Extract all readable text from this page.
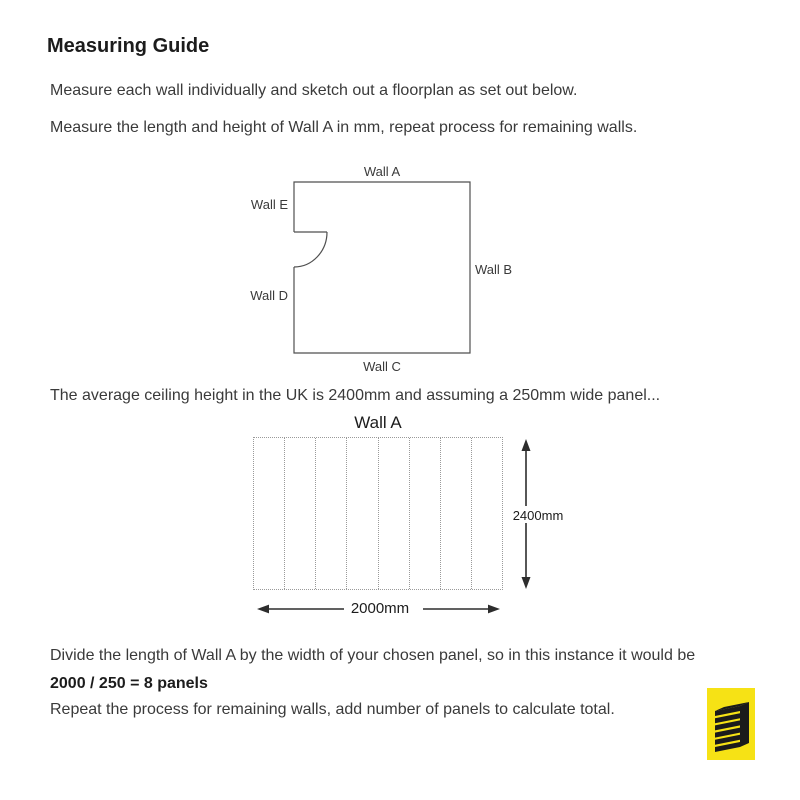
Measuring Guide

Measure each wall individually and sketch out a floorplan as set out below.

Measure the length and height of Wall A in mm, repeat process for remaining walls.

Wall A
Wall E
Wall B
Wall D
Wall C

The average ceiling height in the UK is 2400mm and assuming a 250mm wide panel...

Wall A
2400mm
2000mm

Divide the length of Wall A by the width of your chosen panel, so in this instance it would be

2000 / 250 = 8 panels

Repeat the process for remaining walls, add number of panels to calculate total.
